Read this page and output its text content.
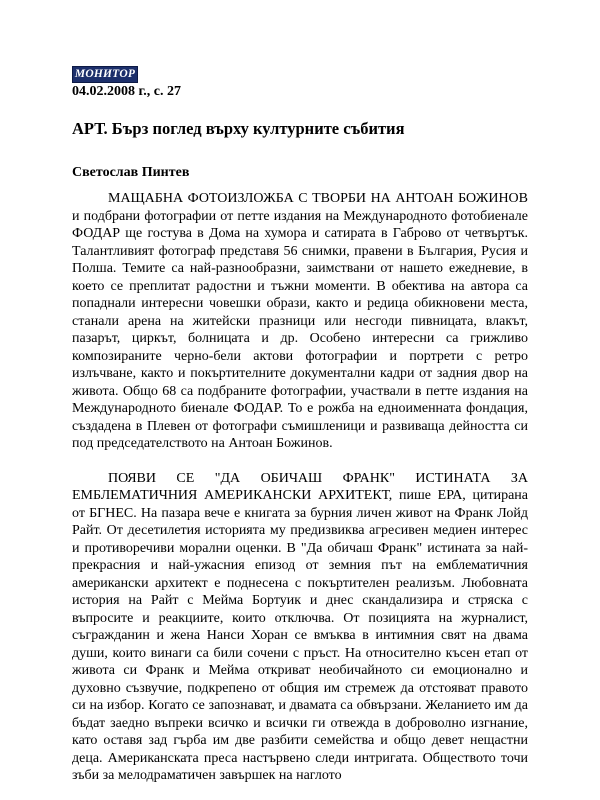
МОНИТОР
04.02.2008 г., с. 27
АРТ. Бърз поглед върху културните събития
Светослав Пинтев

МАЩАБНА ФОТОИЗЛОЖБА С ТВОРБИ НА АНТОАН БОЖИНОВ и подбрани фотографии от петте издания на Международното фотобиенале ФОДАР ще гостува в Дома на хумора и сатирата в Габрово от четвъртък. Талантливият фотограф представя 56 снимки, правени в България, Русия и Полша. Темите са най-разнообразни, заимствани от нашето ежедневие, в което се преплитат радостни и тъжни моменти. В обектива на автора са попаднали интересни човешки образи, както и редица обикновени места, станали арена на житейски празници или несгоди пивницата, влакът, пазарът, циркът, болницата и др. Особено интересни са грижливо композираните черно-бели актови фотографии и портрети с ретро излъчване, както и покъртителните документални кадри от задния двор на живота. Общо 68 са подбраните фотографии, участвали в петте издания на Международното биенале ФОДАР. То е рожба на едноименната фондация, създадена в Плевен от фотографи съмишленици и развиваща дейността си под председателството на Антоан Божинов.

ПОЯВИ СЕ "ДА ОБИЧАШ ФРАНК" ИСТИНАТА ЗА ЕМБЛЕМАТИЧНИЯ АМЕРИКАНСКИ АРХИТЕКТ, пише ЕРА, цитирана от БГНЕС. На пазара вече е книгата за бурния личен живот на Франк Лойд Райт. От десетилетия историята му предизвиква агресивен медиен интерес и противоречиви морални оценки. В "Да обичаш Франк" истината за най-прекрасния и най-ужасния епизод от земния път на емблематичния американски архитект е поднесена с покъртителен реализъм. Любовната история на Райт с Мейма Бортуик и днес скандализира и стряска с въпросите и реакциите, които отключва. От позицията на журналист, съгражданин и жена Нанси Хоран се вмъква в интимния свят на двама души, които винаги са били сочени с пръст. На относително късен етап от живота си Франк и Мейма откриват необичайното си емоционално и духовно съзвучие, подкрепено от общия им стремеж да отстояват правото си на избор. Когато се запознават, и двамата са обвързани. Желанието им да бъдат заедно въпреки всичко и всички ги отвежда в доброволно изгнание, като оставя зад гърба им две разбити семейства и общо девет нещастни деца. Американската преса настървено следи интригата. Обществото точи зъби за мелодраматичен завършек на наглото
